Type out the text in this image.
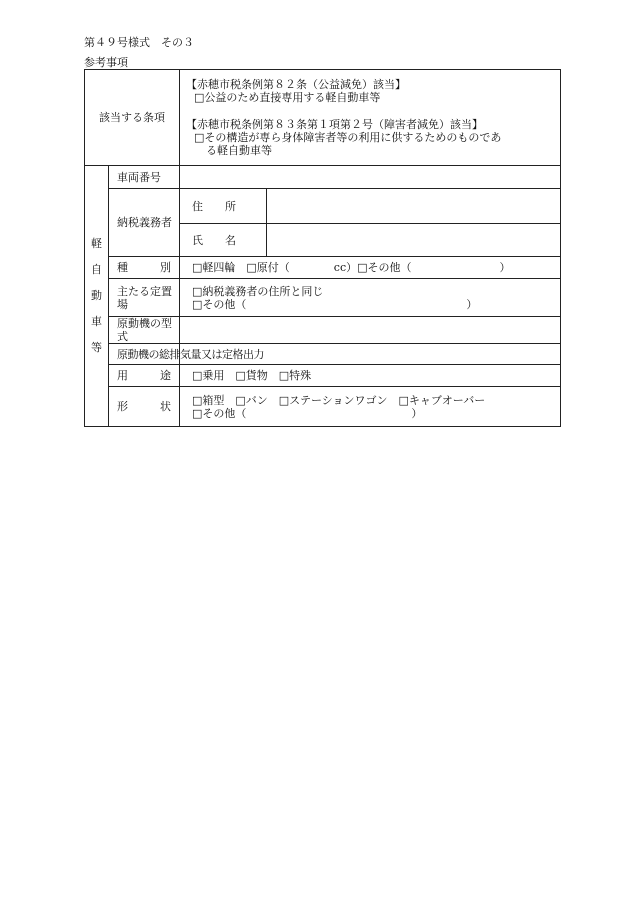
第４９号様式　その３
参考事項
該当する条項		【赤穂市税条例第８２条（公益減免）該当】
□公益のため直接専用する軽自動車等
【赤穂市税条例第８３条第１項第２号（障害者減免）該当】
□その構造が専ら身体障害者等の利用に供するためのものであ
る軽自動車等	

軽
自
動
車
等	車両番号		
	納税義務者	住　　所	
		氏　　名	

	種 別	□軽四輪　□原付（　　　　cc）□その他（　　　　　　　　）	
	主たる定置場	□納税義務者の住所と同じ
□その他（　　　　　　　　　　　　　　　　　　　　）	

	原動機の型式		
	原動機の総排気量又は定格出力		

	用 途	□乗用　□貨物　□特殊	

	形 状	□箱型　□バン　□ステーションワゴン　□キャブオーバー
□その他（　　　　　　　　　　　　　　　）	
